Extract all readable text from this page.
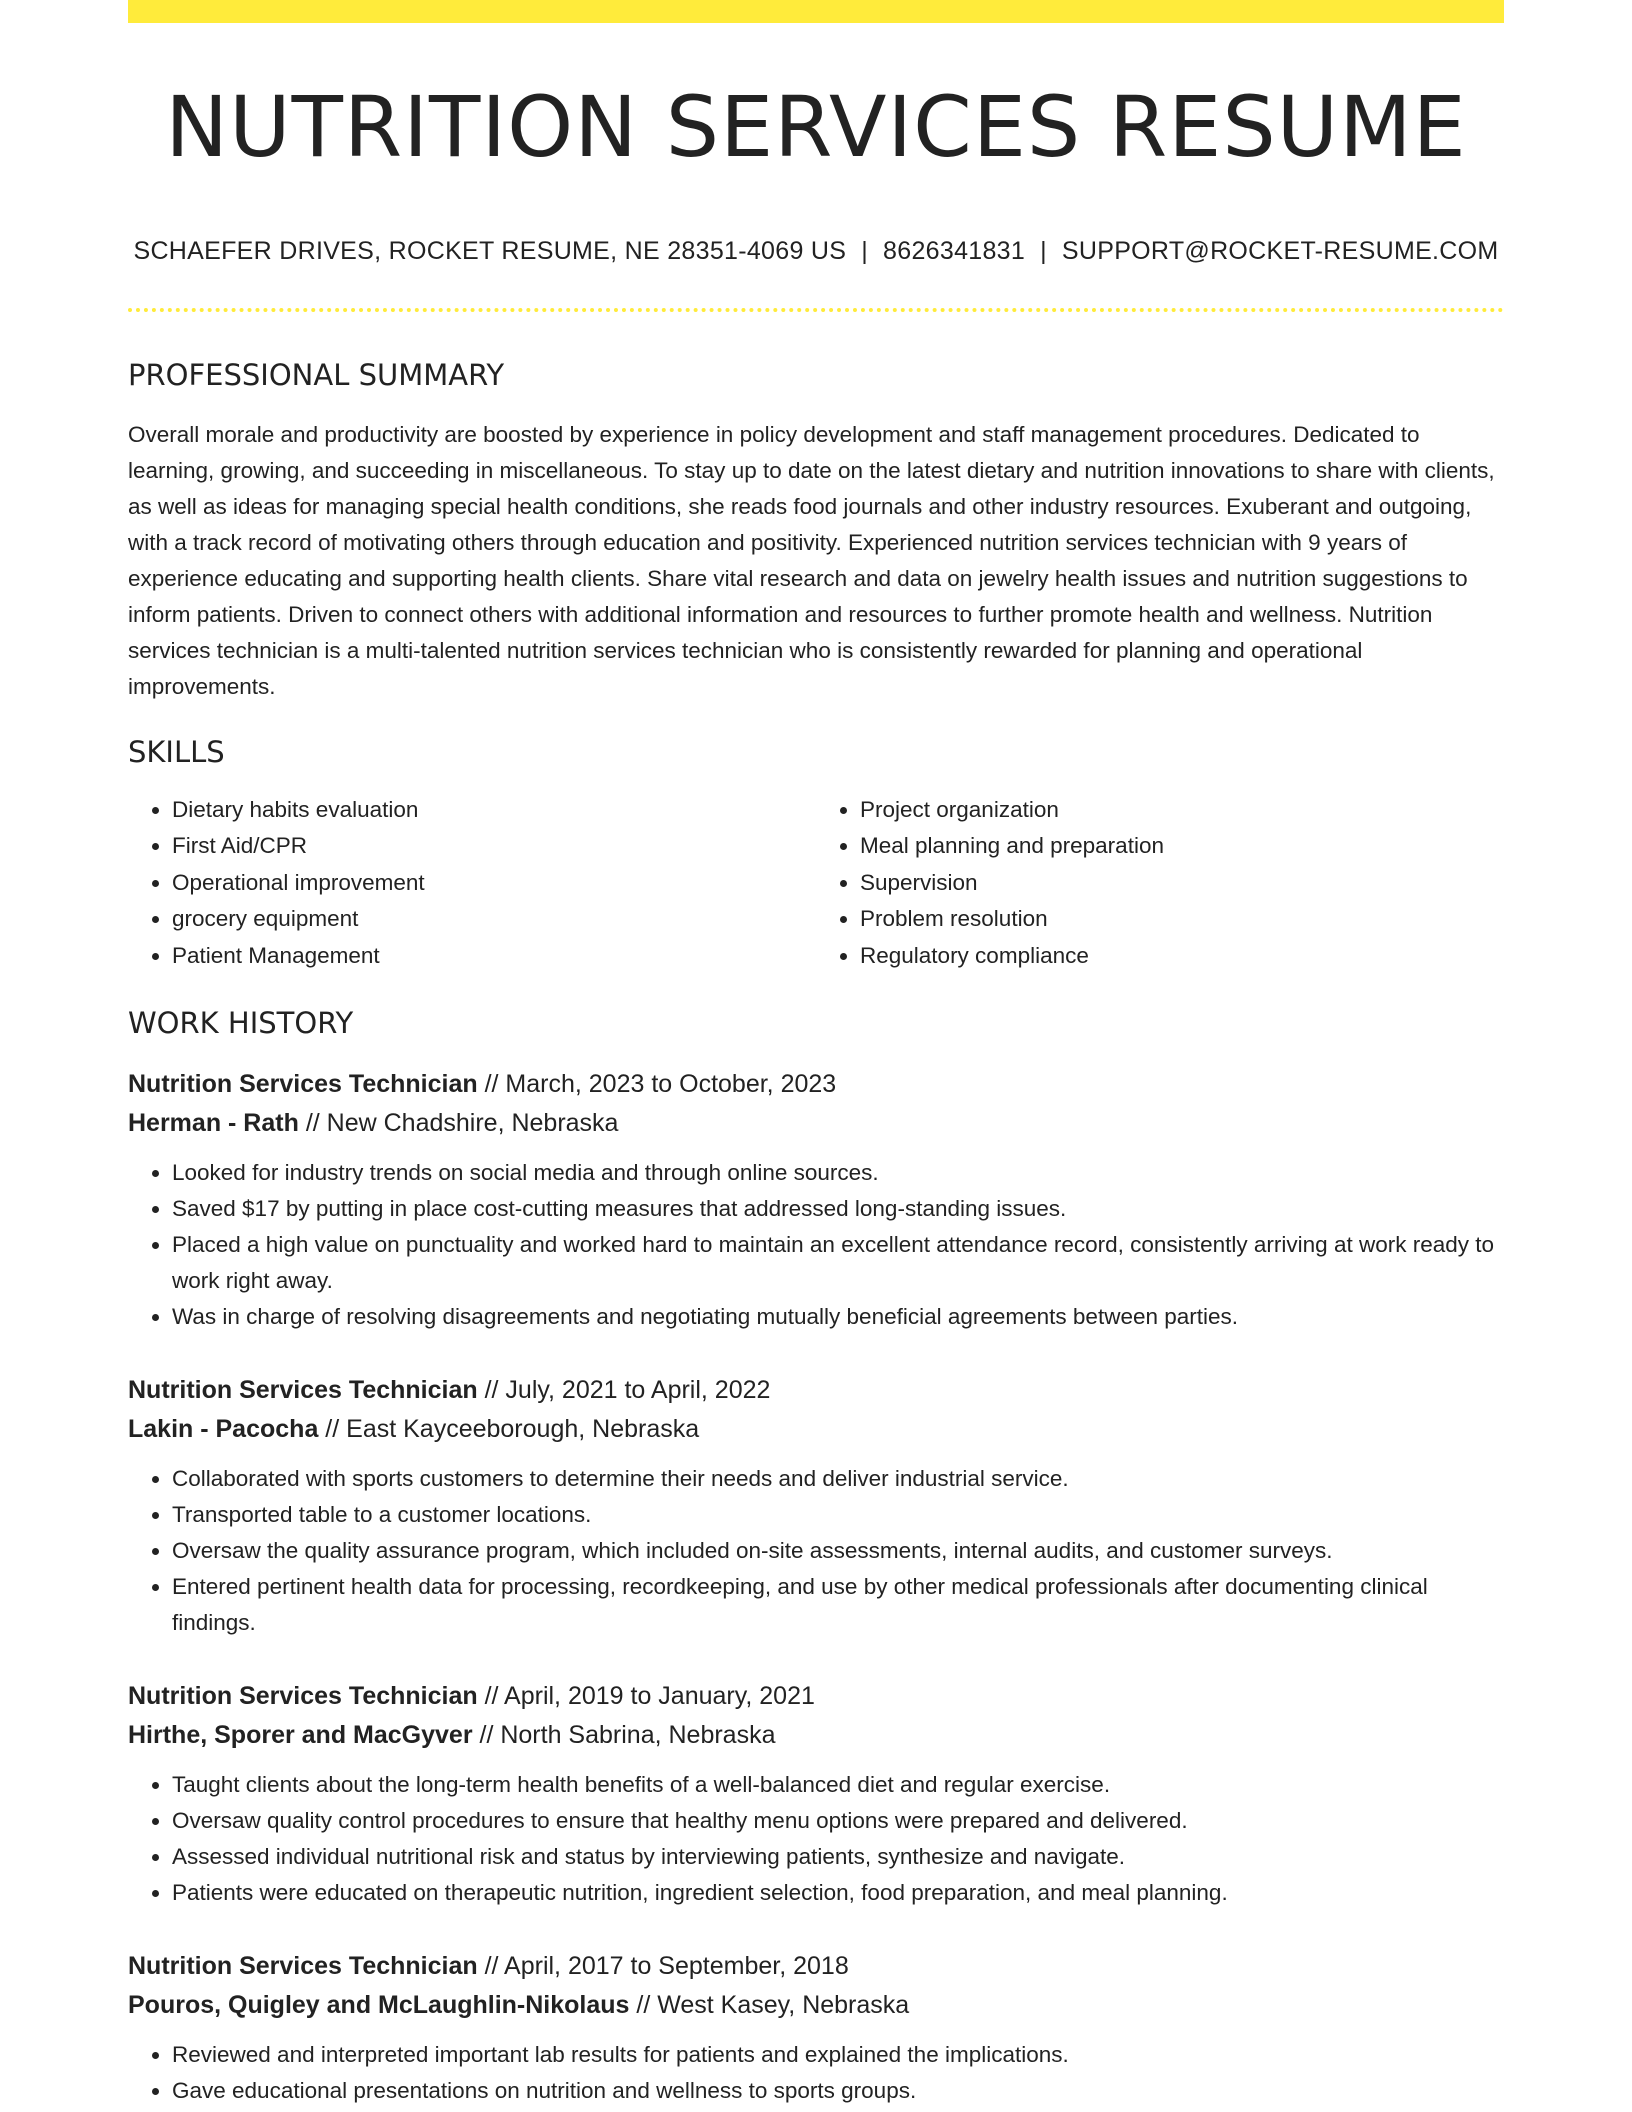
NUTRITION SERVICES RESUME
SCHAEFER DRIVES, ROCKET RESUME, NE 28351-4069 US | 8626341831 | SUPPORT@ROCKET-RESUME.COM
PROFESSIONAL SUMMARY

Overall morale and productivity are boosted by experience in policy development and staff management procedures. Dedicated to learning, growing, and succeeding in miscellaneous. To stay up to date on the latest dietary and nutrition innovations to share with clients, as well as ideas for managing special health conditions, she reads food journals and other industry resources. Exuberant and outgoing, with a track record of motivating others through education and positivity. Experienced nutrition services technician with 9 years of experience educating and supporting health clients. Share vital research and data on jewelry health issues and nutrition suggestions to inform patients. Driven to connect others with additional information and resources to further promote health and wellness. Nutrition services technician is a multi-talented nutrition services technician who is consistently rewarded for planning and operational improvements.

SKILLS
• Dietary habits evaluation
• First Aid/CPR
• Operational improvement
• grocery equipment
• Patient Management
• Project organization
• Meal planning and preparation
• Supervision
• Problem resolution
• Regulatory compliance
WORK HISTORY
Nutrition Services Technician // March, 2023 to October, 2023
Herman - Rath // New Chadshire, Nebraska
• Looked for industry trends on social media and through online sources.
• Saved $17 by putting in place cost-cutting measures that addressed long-standing issues.
• Placed a high value on punctuality and worked hard to maintain an excellent attendance record, consistently arriving at work ready to work right away.
• Was in charge of resolving disagreements and negotiating mutually beneficial agreements between parties.
Nutrition Services Technician // July, 2021 to April, 2022
Lakin - Pacocha // East Kayceeborough, Nebraska
• Collaborated with sports customers to determine their needs and deliver industrial service.
• Transported table to a customer locations.
• Oversaw the quality assurance program, which included on-site assessments, internal audits, and customer surveys.
• Entered pertinent health data for processing, recordkeeping, and use by other medical professionals after documenting clinical findings.
Nutrition Services Technician // April, 2019 to January, 2021
Hirthe, Sporer and MacGyver // North Sabrina, Nebraska
• Taught clients about the long-term health benefits of a well-balanced diet and regular exercise.
• Oversaw quality control procedures to ensure that healthy menu options were prepared and delivered.
• Assessed individual nutritional risk and status by interviewing patients, synthesize and navigate.
• Patients were educated on therapeutic nutrition, ingredient selection, food preparation, and meal planning.
Nutrition Services Technician // April, 2017 to September, 2018
Pouros, Quigley and McLaughlin-Nikolaus // West Kasey, Nebraska
• Reviewed and interpreted important lab results for patients and explained the implications.
• Gave educational presentations on nutrition and wellness to sports groups.
